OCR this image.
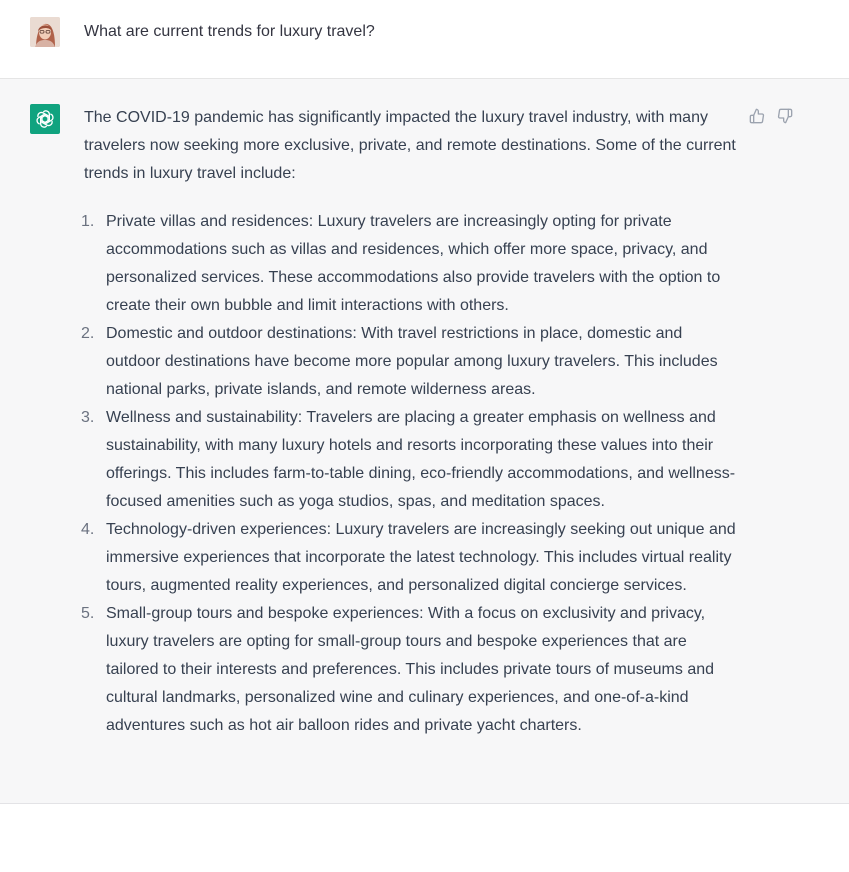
What are current trends for luxury travel?

The COVID-19 pandemic has significantly impacted the luxury travel industry, with many travelers now seeking more exclusive, private, and remote destinations. Some of the current trends in luxury travel include:

1. Private villas and residences: Luxury travelers are increasingly opting for private accommodations such as villas and residences, which offer more space, privacy, and personalized services. These accommodations also provide travelers with the option to create their own bubble and limit interactions with others.
2. Domestic and outdoor destinations: With travel restrictions in place, domestic and outdoor destinations have become more popular among luxury travelers. This includes national parks, private islands, and remote wilderness areas.
3. Wellness and sustainability: Travelers are placing a greater emphasis on wellness and sustainability, with many luxury hotels and resorts incorporating these values into their offerings. This includes farm-to-table dining, eco-friendly accommodations, and wellness-focused amenities such as yoga studios, spas, and meditation spaces.
4. Technology-driven experiences: Luxury travelers are increasingly seeking out unique and immersive experiences that incorporate the latest technology. This includes virtual reality tours, augmented reality experiences, and personalized digital concierge services.
5. Small-group tours and bespoke experiences: With a focus on exclusivity and privacy, luxury travelers are opting for small-group tours and bespoke experiences that are tailored to their interests and preferences. This includes private tours of museums and cultural landmarks, personalized wine and culinary experiences, and one-of-a-kind adventures such as hot air balloon rides and private yacht charters.
